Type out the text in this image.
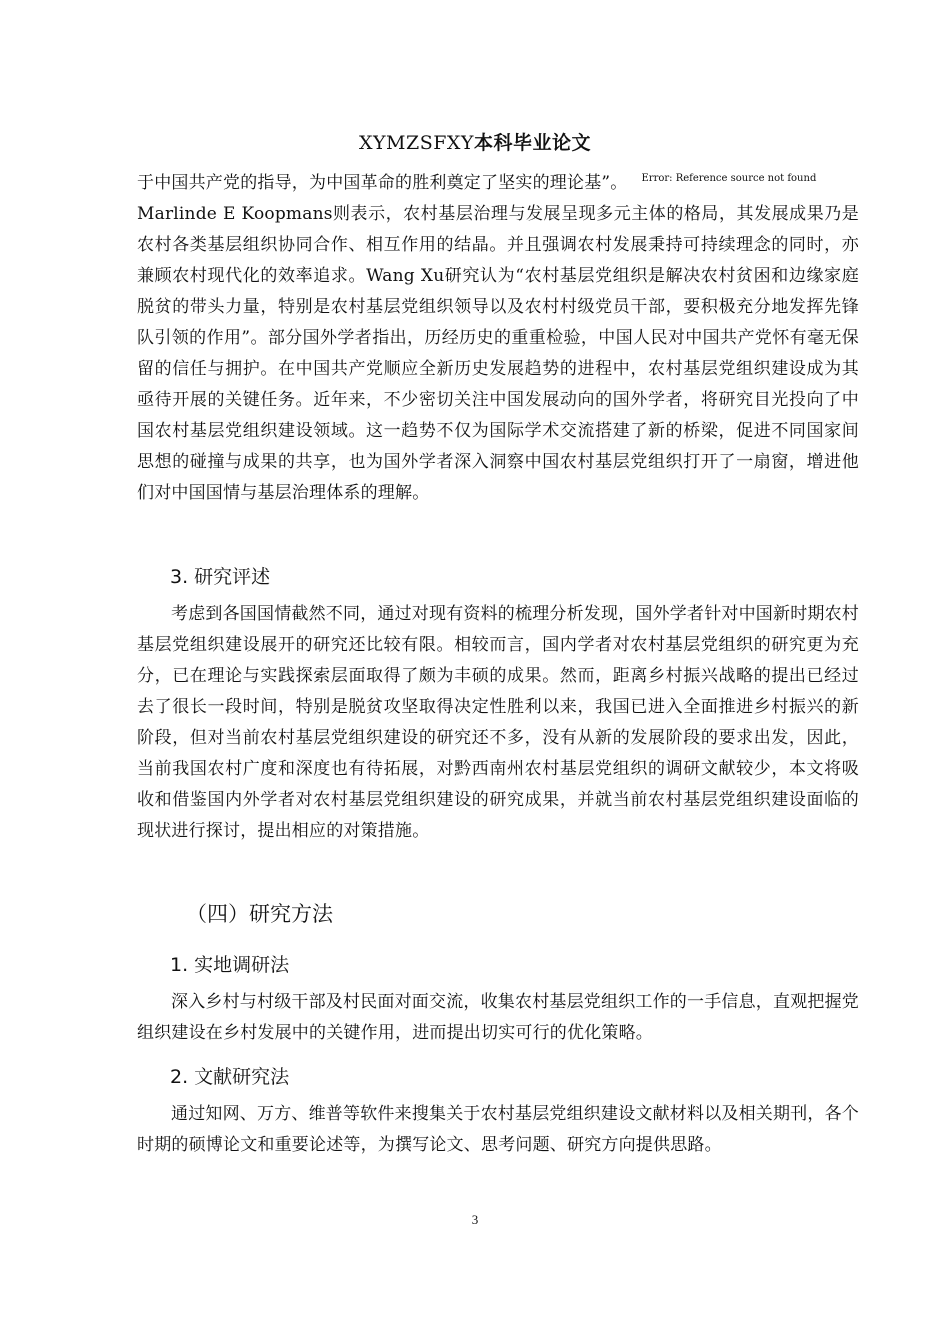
XYMZSFXY本科毕业论文

于中国共产党的指导，为中国革命的胜利奠定了坚实的理论基”。 $^{Error: Reference source not found}$

Marlinde E Koopmans则表示，农村基层治理与发展呈现多元主体的格局，其发展成果乃是农村各类基层组织协同合作、相互作用的结晶。并且强调农村发展秉持可持续理念的同时，亦兼顾农村现代化的效率追求。Wang Xu研究认为“农村基层党组织是解决农村贫困和边缘家庭脱贫的带头力量，特别是农村基层党组织领导以及农村村级党员干部，要积极充分地发挥先锋队引领的作用”。部分国外学者指出，历经历史的重重检验，中国人民对中国共产党怀有毫无保留的信任与拥护。在中国共产党顺应全新历史发展趋势的进程中，农村基层党组织建设成为其亟待开展的关键任务。近年来，不少密切关注中国发展动向的国外学者，将研究目光投向了中国农村基层党组织建设领域。这一趋势不仅为国际学术交流搭建了新的桥梁，促进不同国家间思想的碰撞与成果的共享，也为国外学者深入洞察中国农村基层党组织打开了一扇窗，增进他们对中国国情与基层治理体系的理解。

3. 研究评述

考虑到各国国情截然不同，通过对现有资料的梳理分析发现，国外学者针对中国新时期农村基层党组织建设展开的研究还比较有限。相较而言，国内学者对农村基层党组织的研究更为充分，已在理论与实践探索层面取得了颇为丰硕的成果。然而，距离乡村振兴战略的提出已经过去了很长一段时间，特别是脱贫攻坚取得决定性胜利以来，我国已进入全面推进乡村振兴的新阶段，但对当前农村基层党组织建设的研究还不多，没有从新的发展阶段的要求出发，因此，当前我国农村广度和深度也有待拓展，对黔西南州农村基层党组织的调研文献较少，本文将吸收和借鉴国内外学者对农村基层党组织建设的研究成果，并就当前农村基层党组织建设面临的现状进行探讨，提出相应的对策措施。

（四）研究方法
1. 实地调研法

深入乡村与村级干部及村民面对面交流，收集农村基层党组织工作的一手信息，直观把握党组织建设在乡村发展中的关键作用，进而提出切实可行的优化策略。

2. 文献研究法

通过知网、万方、维普等软件来搜集关于农村基层党组织建设文献材料以及相关期刊，各个时期的硕博论文和重要论述等，为撰写论文、思考问题、研究方向提供思路。

3
